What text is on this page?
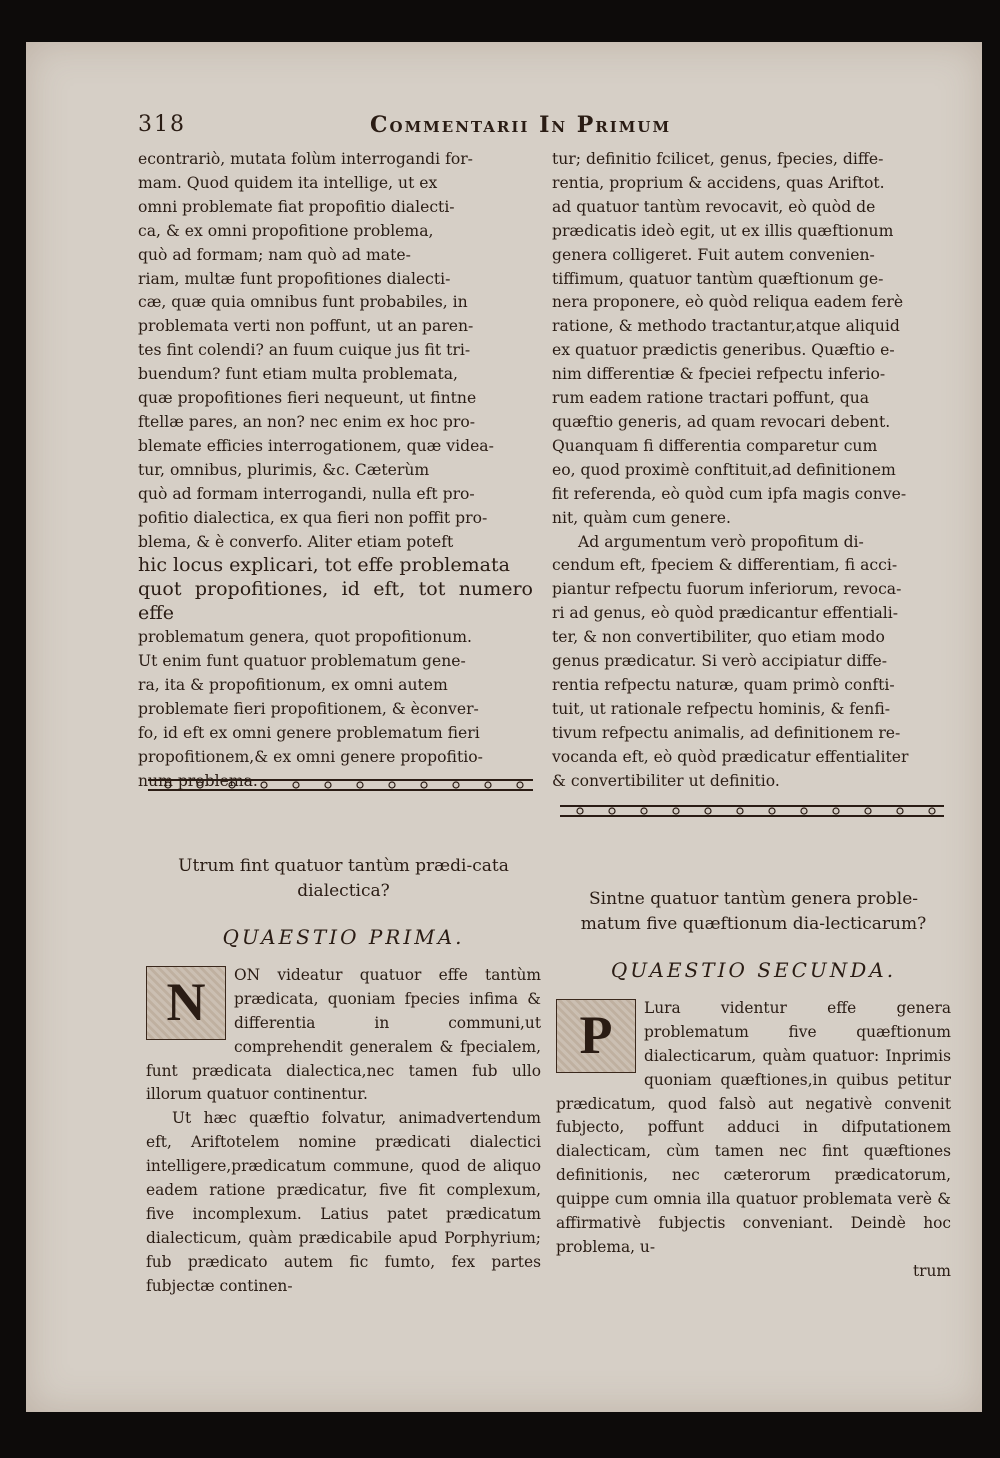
318	Commentarii In Primum

econtrariò, mutata folùm interrogandi for-

mam. Quod quidem ita intellige, ut ex

omni problemate fiat propofitio dialecti-

ca, & ex omni propofitione problema,

quò ad formam; nam quò ad mate-

riam, multæ funt propofitiones dialecti-

cæ, quæ quia omnibus funt probabiles, in

problemata verti non poffunt, ut an paren-

tes fint colendi? an fuum cuique jus fit tri-

buendum? funt etiam multa problemata,

quæ propofitiones fieri nequeunt, ut fintne

ftellæ pares, an non? nec enim ex hoc pro-

blemate efficies interrogationem, quæ videa-

tur, omnibus, plurimis, &c. Cæterùm

quò ad formam interrogandi, nulla eft pro-

pofitio dialectica, ex qua fieri non poffit pro-

blema, & è converfo. Aliter etiam poteft

hic locus explicari, tot effe problemata

quot propofitiones, id eft, tot numero effe

problematum genera, quot propofitionum.

Ut enim funt quatuor problematum gene-

ra, ita & propofitionum, ex omni autem

problemate fieri propofitionem, & èconver-

fo, id eft ex omni genere problematum fieri

propofitionem,& ex omni genere propofitio-

num problema.

tur; definitio fcilicet, genus, fpecies, diffe-

rentia, proprium & accidens, quas Ariftot.

ad quatuor tantùm revocavit, eò quòd de

prædicatis ideò egit, ut ex illis quæftionum

genera colligeret. Fuit autem convenien-

tiffimum, quatuor tantùm quæftionum ge-

nera proponere, eò quòd reliqua eadem ferè

ratione, & methodo tractantur,atque aliquid

ex quatuor prædictis generibus. Quæftio e-

nim differentiæ & fpeciei refpectu inferio-

rum eadem ratione tractari poffunt, qua

quæftio generis, ad quam revocari debent.

Quanquam fi differentia comparetur cum

eo, quod proximè conftituit,ad definitionem

fit referenda, eò quòd cum ipfa magis conve-

nit, quàm cum genere.

Ad argumentum verò propofitum di-

cendum eft, fpeciem & differentiam, fi acci-

piantur refpectu fuorum inferiorum, revoca-

ri ad genus, eò quòd prædicantur effentiali-

ter, & non convertibiliter, quo etiam modo

genus prædicatur. Si verò accipiatur diffe-

rentia refpectu naturæ, quam primò confti-

tuit, ut rationale refpectu hominis, & fenfi-

tivum refpectu animalis, ad definitionem re-

vocanda eft, eò quòd prædicatur effentialiter

& convertibiliter ut definitio.

Utrum fint quatuor tantùm prædi-cata dialectica?
QUAESTIO PRIMA.
N	ON videatur quatuor effe tantùm prædicata, quoniam fpecies infima & differentia in communi,ut comprehendit generalem & fpecialem, funt prædicata dialectica,nec tamen fub ullo illorum quatuor continentur.

Ut hæc quæftio folvatur, animadvertendum eft, Ariftotelem nomine prædicati dialectici intelligere,prædicatum commune, quod de aliquo eadem ratione prædicatur, five fit complexum, five incomplexum. Latius patet prædicatum dialecticum, quàm prædicabile apud Porphyrium; fub prædicato autem fic fumto, fex partes fubjectæ continen-

Sintne quatuor tantùm genera proble-matum five quæftionum dia-lecticarum?
QUAESTIO SECUNDA.
P	Lura videntur effe genera problematum five quæftionum dialecticarum, quàm quatuor: Inprimis quoniam quæftiones,in quibus petitur prædicatum, quod falsò aut negativè convenit fubjecto, poffunt adduci in difputationem dialecticam, cùm tamen nec fint quæftiones definitionis, nec cæterorum prædicatorum, quippe cum omnia illa quatuor problemata verè & affirmativè fubjectis conveniant. Deindè hoc problema, u-

trum
